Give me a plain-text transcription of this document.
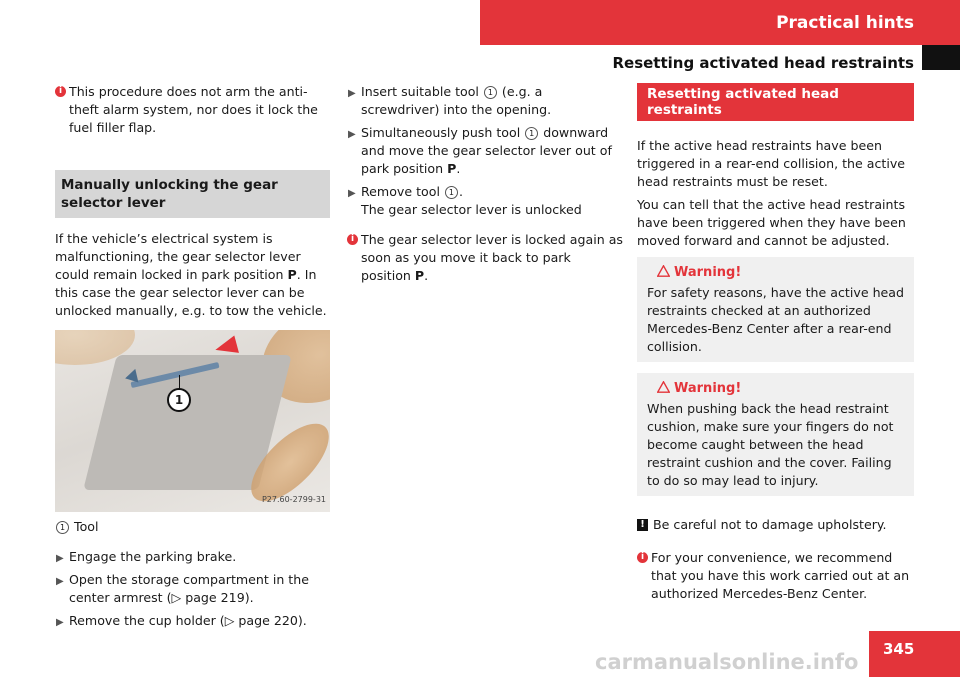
Practical hints
Resetting activated head restraints

i This procedure does not arm the anti-theft alarm system, nor does it lock the fuel filler flap.

Manually unlocking the gear selector lever

If the vehicle’s electrical system is malfunctioning, the gear selector lever could remain locked in park position P. In this case the gear selector lever can be unlocked manually, e.g. to tow the vehicle.

1
P27.60-2799-31

1 Tool

▶ Engage the parking brake.

▶ Open the storage compartment in the center armrest (▷ page 219).

▶ Remove the cup holder (▷ page 220).

▶ Insert suitable tool 1 (e.g. a screwdriver) into the opening.

▶ Simultaneously push tool 1 downward and move the gear selector lever out of park position P.

▶ Remove tool 1 .
The gear selector lever is unlocked

i The gear selector lever is locked again as soon as you move it back to park position P.

Resetting activated head restraints

If the active head restraints have been triggered in a rear-end collision, the active head restraints must be reset.

You can tell that the active head restraints have been triggered when they have been moved forward and cannot be adjusted.

Warning!

For safety reasons, have the active head restraints checked at an authorized Mercedes-Benz Center after a rear-end collision.

Warning!

When pushing back the head restraint cushion, make sure your fingers do not become caught between the head restraint cushion and the cover. Failing to do so may lead to injury.

! Be careful not to damage upholstery.

i For your convenience, we recommend that you have this work carried out at an authorized Mercedes-Benz Center.

carmanualsonline.info
345
